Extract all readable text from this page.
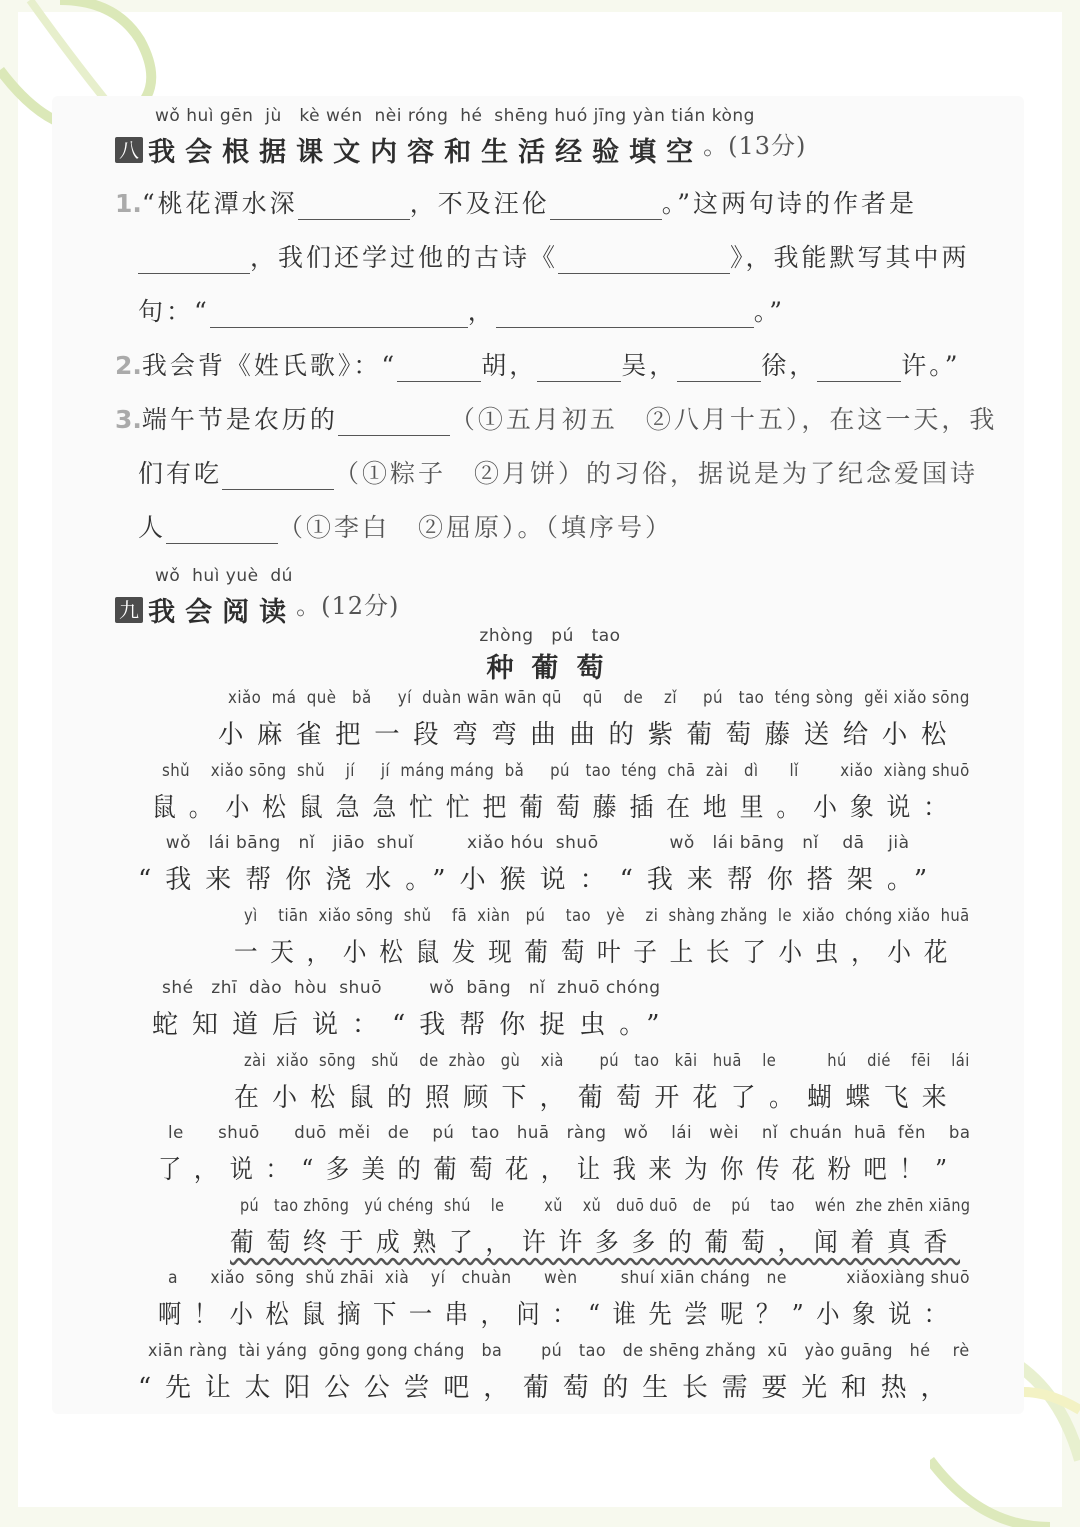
wǒ huì gēn  jù   kè wén  nèi róng  hé  shēng huó jīng yàn tián kòng
八 我会根据课文内容和生活经验填空。(13分)
1.“桃花潭水深	，不及汪伦	。”这两句诗的作者是
，我们还学过他的古诗《	》，我能默写其中两
句：“	，	。”
2.我会背《姓氏歌》：“	胡，	吴，	徐，	许。”
3.端午节是农历的	（①五月初五　②八月十五），在这一天，我
们有吃	（①粽子　②月饼）的习俗，据说是为了纪念爱国诗
人	（①李白　②屈原）。（填序号）
wǒ  huì yuè  dú
九 我会阅读。(12分)
zhòng   pú   tao
种葡萄
xiǎo  má  què   bǎ     yí  duàn wān wān qū    qū    de    zǐ     pú   tao  téng sòng  gěi xiǎo sōng
小麻雀把一段弯弯曲曲的紫葡萄藤送给小松
shǔ    xiǎo sōng  shǔ    jí     jí  máng máng  bǎ     pú   tao  téng  chā  zài   dì      lǐ        xiǎo  xiàng shuō
鼠。小松鼠急急忙忙把葡萄藤插在地里。小象说：
wǒ   lái bāng   nǐ   jiāo  shuǐ         xiǎo hóu  shuō            wǒ   lái bāng   nǐ    dā    jià
“我来帮你浇水。”小猴说：“我来帮你搭架。”
yì    tiān  xiǎo sōng  shǔ    fā  xiàn   pú    tao   yè    zi  shàng zhǎng  le  xiǎo  chóng xiǎo  huā
一天，小松鼠发现葡萄叶子上长了小虫，小花
shé   zhī  dào  hòu  shuō        wǒ  bāng   nǐ  zhuō chóng
蛇知道后说：“我帮你捉虫。”
zài  xiǎo  sōng   shǔ    de  zhào   gù    xià       pú   tao   kāi   huā    le          hú    dié    fēi    lái
在小松鼠的照顾下，葡萄开花了。蝴蝶飞来
le      shuō      duō  měi   de    pú   tao   huā   ràng   wǒ    lái   wèi    nǐ  chuán  huā  fěn    ba
了，说：“多美的葡萄花，让我来为你传花粉吧！”
pú   tao zhōng   yú chéng  shú    le        xǔ    xǔ   duō duō   de    pú    tao    wén  zhe zhēn xiāng
葡萄终于成熟了，许许多多的葡萄，闻着真香
a      xiǎo  sōng  shǔ zhāi  xià    yí   chuàn      wèn        shuí xiān cháng   ne           xiǎoxiàng shuō
啊！小松鼠摘下一串，问：“谁先尝呢？”小象说：
xiān ràng  tài yáng  gōng gong cháng   ba       pú   tao   de shēng zhǎng  xū   yào guāng   hé    rè
“先让太阳公公尝吧，葡萄的生长需要光和热，
